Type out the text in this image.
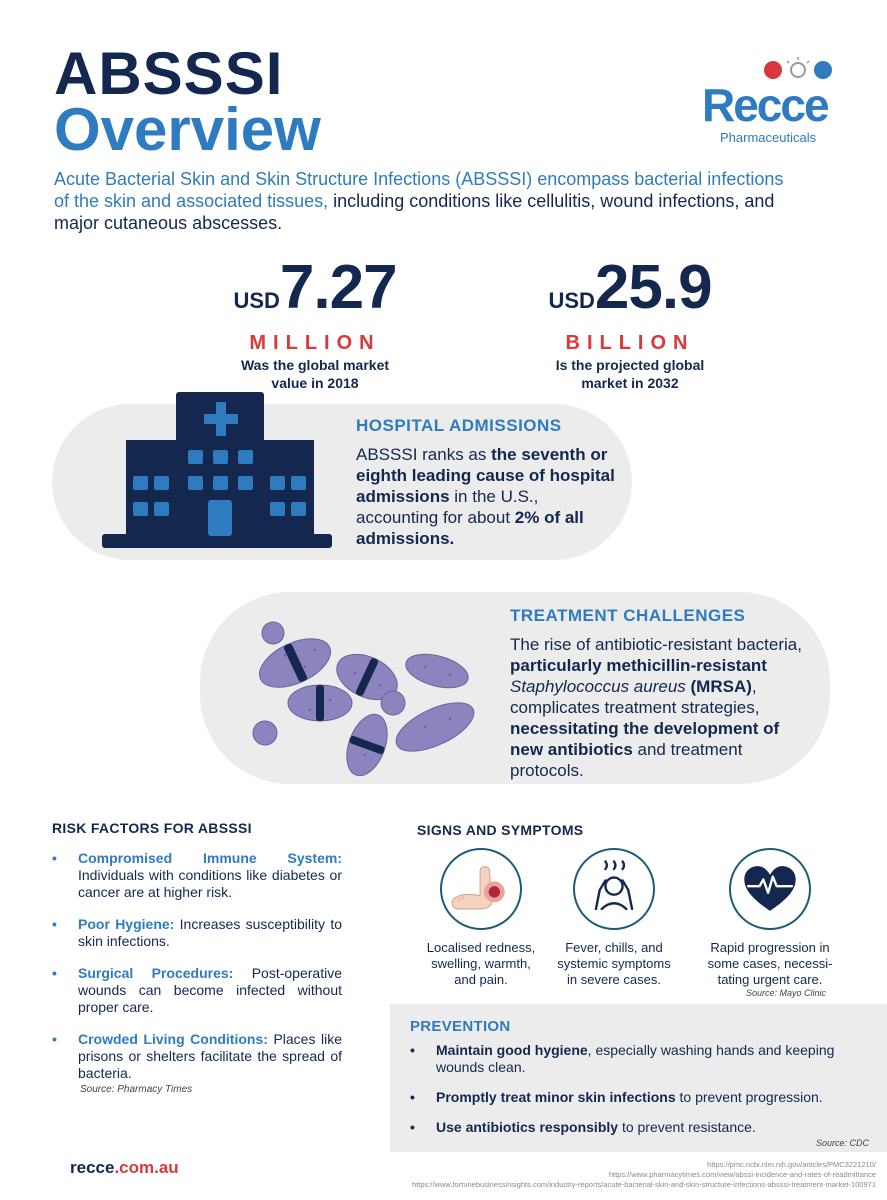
ABSSSI
Overview	Recce
Pharmaceuticals

Acute Bacterial Skin and Skin Structure Infections (ABSSSI) encompass bacterial infections of the skin and associated tissues, including conditions like cellulitis, wound infections, and major cutaneous abscesses.

USD7.27
MILLION
Was the global market
value in 2018
USD25.9
BILLION
Is the projected global
market in 2032
HOSPITAL ADMISSIONS

ABSSSI ranks as the seventh or eighth leading cause of hospital admissions in the U.S., accounting for about 2% of all admissions.

TREATMENT CHALLENGES

The rise of antibiotic-resistant bacteria, particularly methicillin-resistant Staphylococcus aureus (MRSA), complicates treatment strategies, necessitating the development of new antibiotics and treatment protocols.

RISK FACTORS FOR ABSSSI
• Compromised Immune System: Individuals with conditions like diabetes or cancer are at higher risk.
• Poor Hygiene: Increases susceptibility to skin infections.
• Surgical Procedures: Post-operative wounds can become infected without proper care.
• Crowded Living Conditions: Places like prisons or shelters facilitate the spread of bacteria.
Source: Pharmacy Times
SIGNS AND SYMPTOMS
Localised redness,
swelling, warmth,
and pain.
Fever, chills, and
systemic symptoms
in severe cases.
Rapid progression in
some cases, necessi-
tating urgent care.
Source: Mayo Clinic
PREVENTION
• Maintain good hygiene, especially washing hands and keeping wounds clean.
• Promptly treat minor skin infections to prevent progression.
• Use antibiotics responsibly to prevent resistance.
Source: CDC
recce.com.au	https://pmc.ncbi.nlm.nih.gov/articles/PMC3221210/
https://www.pharmacytimes.com/view/abssi-incidence-and-rates-of-readmittance
https://www.fortunebusinessinsights.com/industry-reports/acute-bacterial-skin-and-skin-structure-infections-absssi-treatment-market-100971
